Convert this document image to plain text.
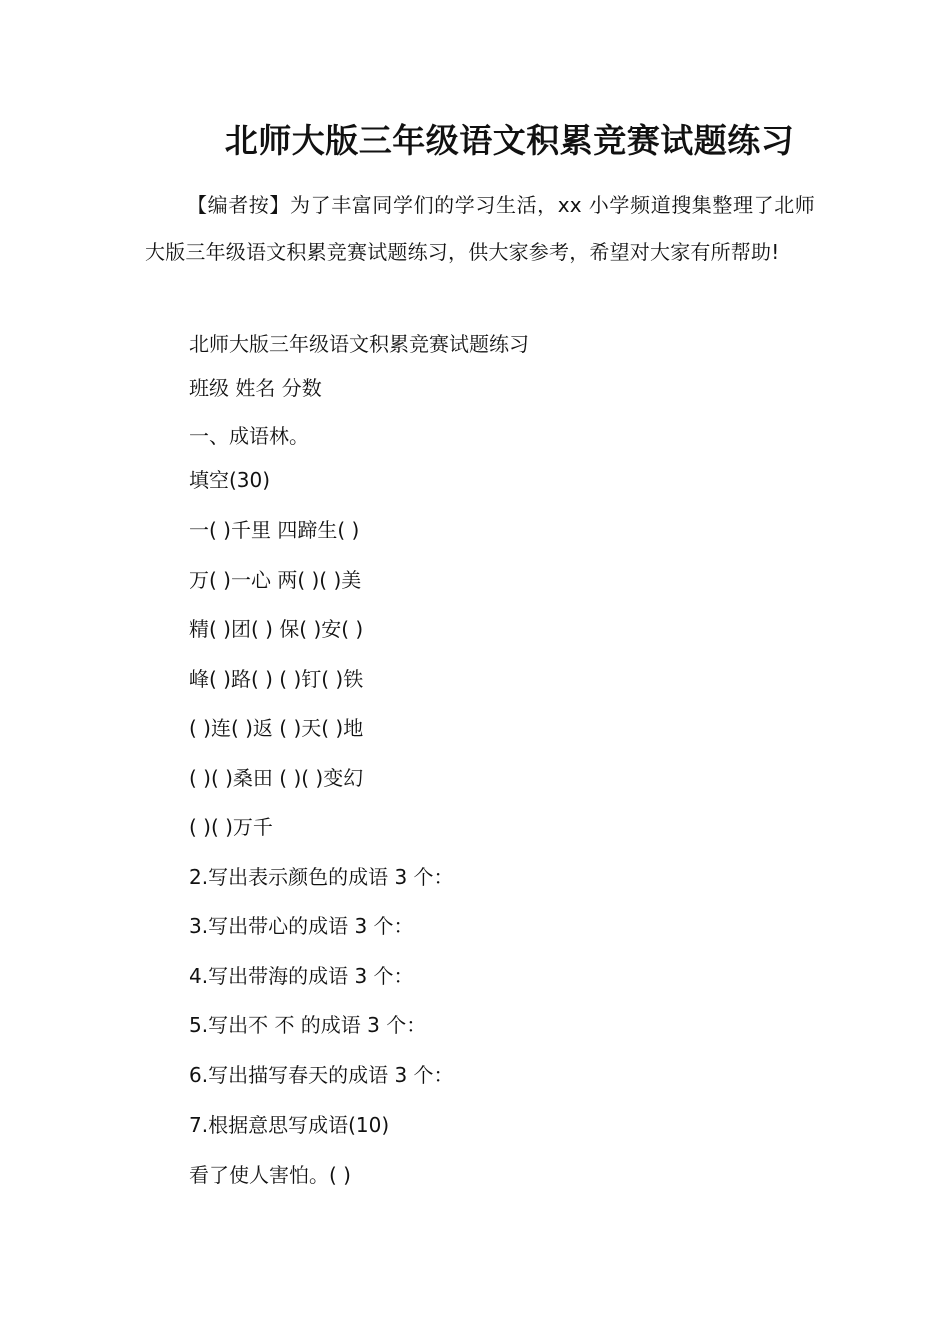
北师大版三年级语文积累竞赛试题练习
【编者按】为了丰富同学们的学习生活，xx 小学频道搜集整理了北师大版三年级语文积累竞赛试题练习，供大家参考，希望对大家有所帮助!
北师大版三年级语文积累竞赛试题练习
班级 姓名 分数
一、成语林。
填空(30)
一( )千里 四蹄生( )
万( )一心 两( )( )美
精( )团( ) 保( )安( )
峰( )路( ) ( )钉( )铁
( )连( )返 ( )天( )地
( )( )桑田 ( )( )变幻
( )( )万千
2.写出表示颜色的成语 3 个：
3.写出带心的成语 3 个：
4.写出带海的成语 3 个：
5.写出不 不 的成语 3 个：
6.写出描写春天的成语 3 个：
7.根据意思写成语(10)
看了使人害怕。( )
